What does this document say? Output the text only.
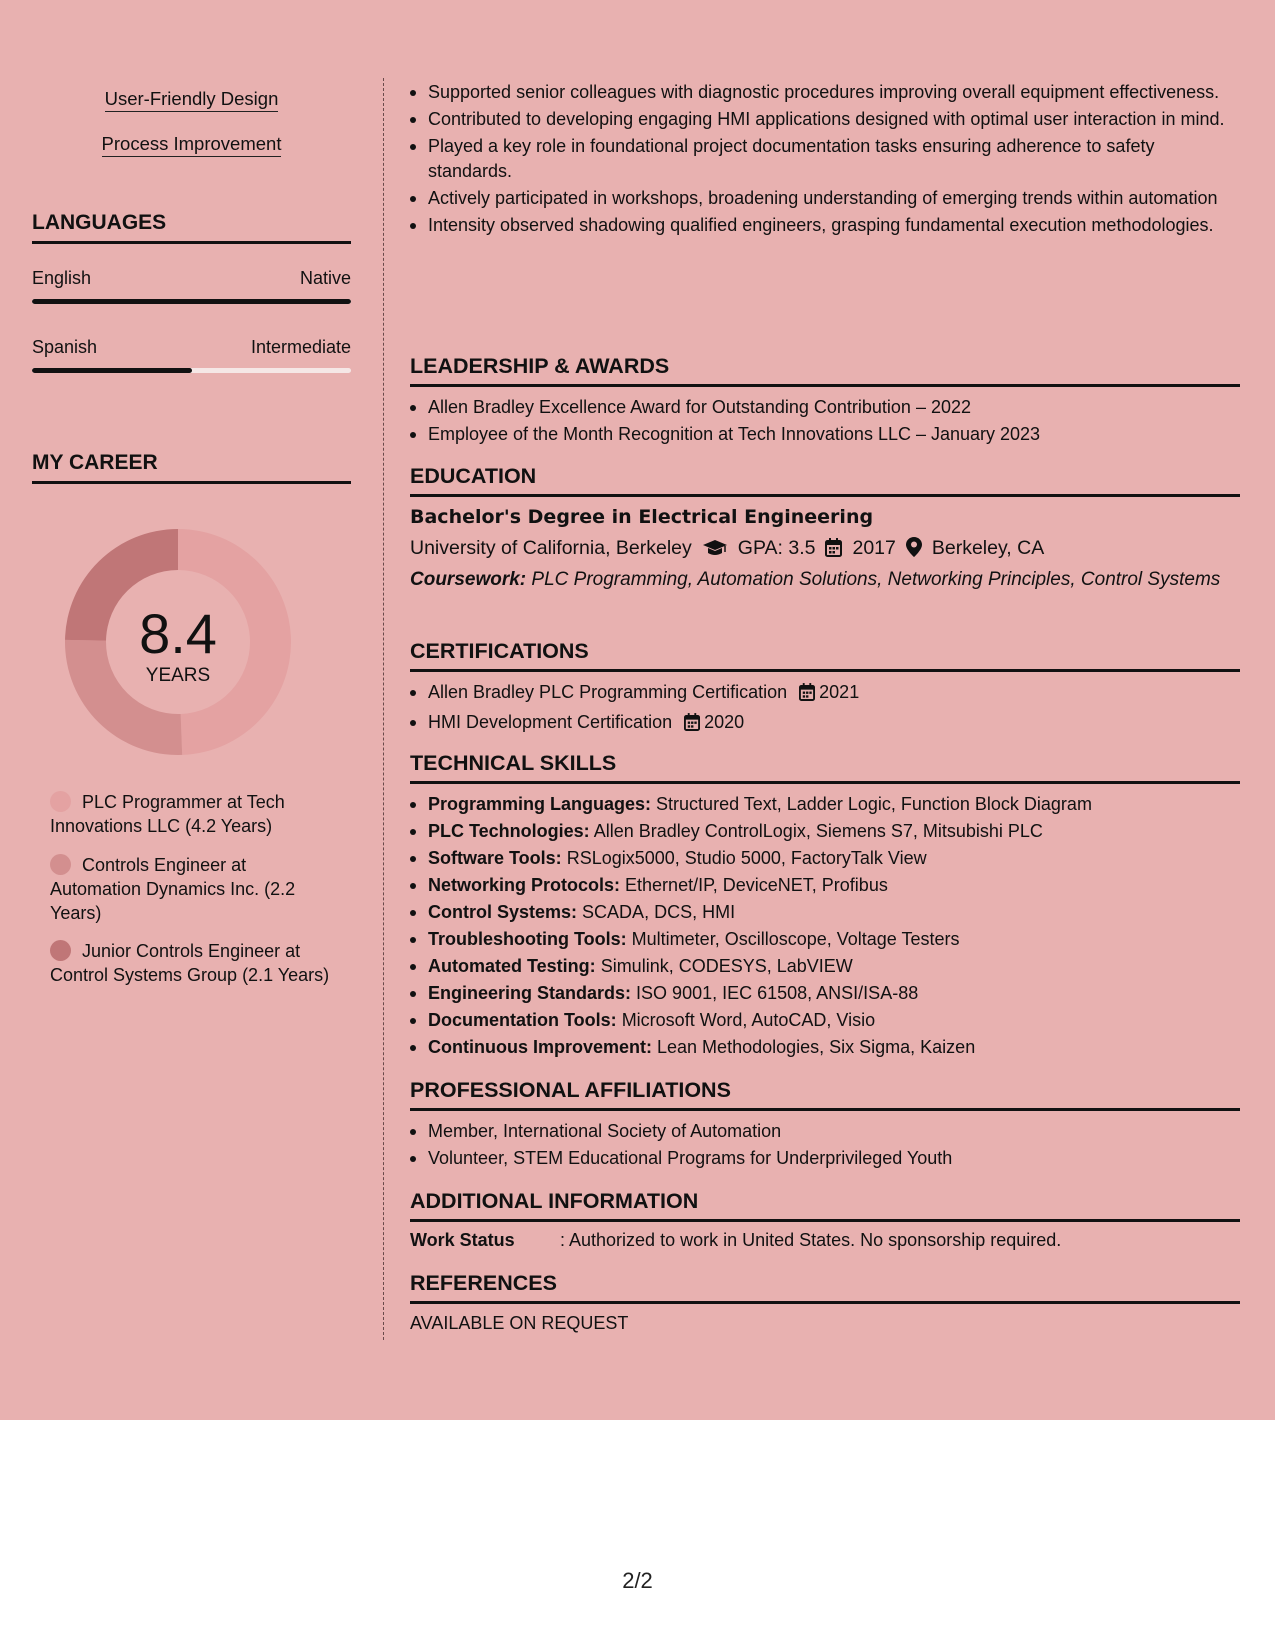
User-Friendly Design
Process Improvement
LANGUAGES
English	Native
Spanish	Intermediate
MY CAREER
8.4
YEARS
PLC Programmer at Tech Innovations LLC (4.2 Years)
Controls Engineer at Automation Dynamics Inc. (2.2 Years)
Junior Controls Engineer at Control Systems Group (2.1 Years)
Supported senior colleagues with diagnostic procedures improving overall equipment effectiveness.
Contributed to developing engaging HMI applications designed with optimal user interaction in mind.
Played a key role in foundational project documentation tasks ensuring adherence to safety standards.
Actively participated in workshops, broadening understanding of emerging trends within automation
Intensity observed shadowing qualified engineers, grasping fundamental execution methodologies.
LEADERSHIP & AWARDS
Allen Bradley Excellence Award for Outstanding Contribution – 2022
Employee of the Month Recognition at Tech Innovations LLC – January 2023
EDUCATION
Bachelor's Degree in Electrical Engineering
University of California, Berkeley GPA: 3.5 2017 Berkeley, CA
Coursework: PLC Programming, Automation Solutions, Networking Principles, Control Systems
CERTIFICATIONS
Allen Bradley PLC Programming Certification 2021
HMI Development Certification 2020
TECHNICAL SKILLS
Programming Languages: Structured Text, Ladder Logic, Function Block Diagram
PLC Technologies: Allen Bradley ControlLogix, Siemens S7, Mitsubishi PLC
Software Tools: RSLogix5000, Studio 5000, FactoryTalk View
Networking Protocols: Ethernet/IP, DeviceNET, Profibus
Control Systems: SCADA, DCS, HMI
Troubleshooting Tools: Multimeter, Oscilloscope, Voltage Testers
Automated Testing: Simulink, CODESYS, LabVIEW
Engineering Standards: ISO 9001, IEC 61508, ANSI/ISA-88
Documentation Tools: Microsoft Word, AutoCAD, Visio
Continuous Improvement: Lean Methodologies, Six Sigma, Kaizen
PROFESSIONAL AFFILIATIONS
Member, International Society of Automation
Volunteer, STEM Educational Programs for Underprivileged Youth
ADDITIONAL INFORMATION
Work Status	: Authorized to work in United States. No sponsorship required.
REFERENCES
AVAILABLE ON REQUEST
2/2
